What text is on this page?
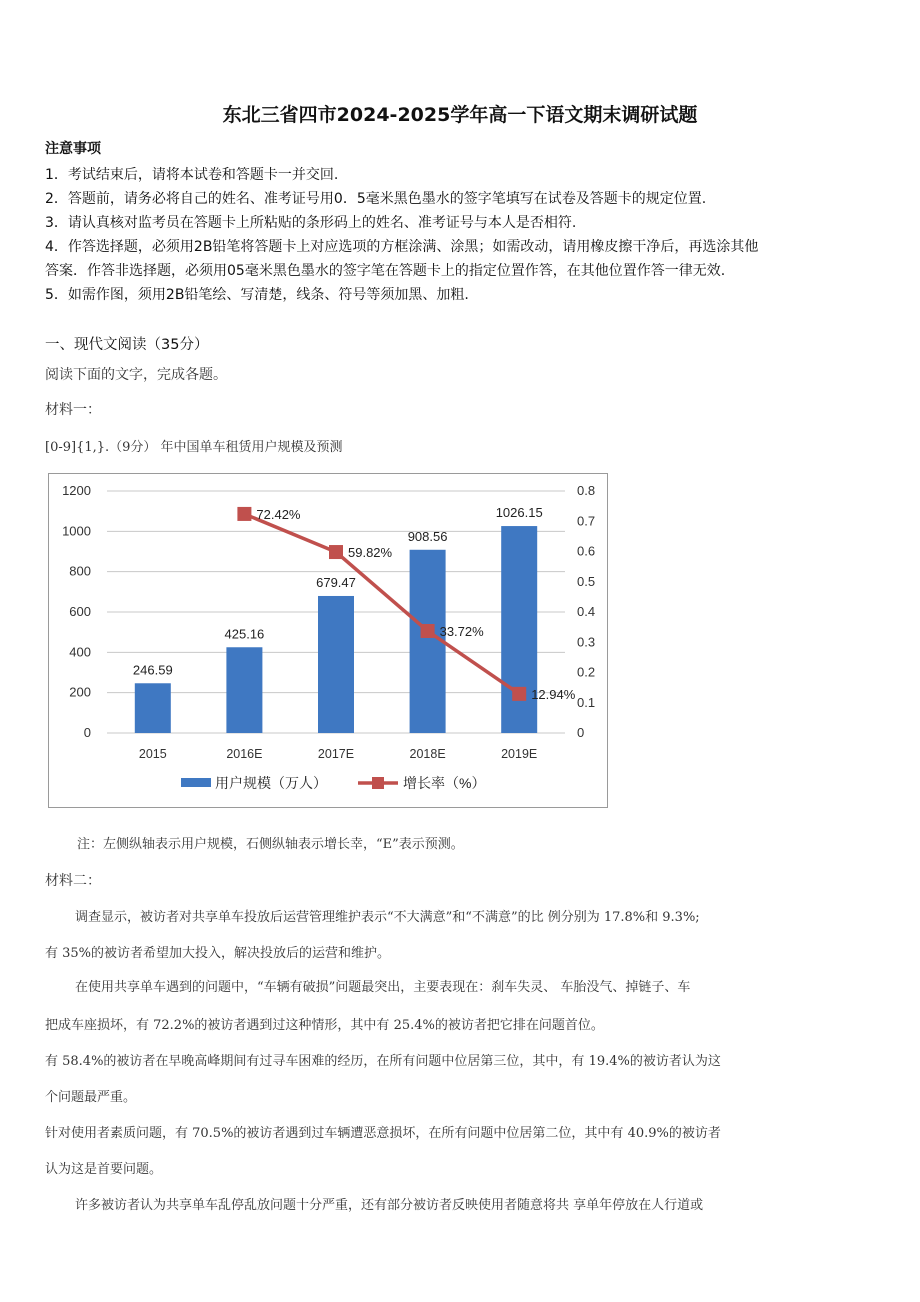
东北三省四市2024-2025学年高一下语文期末调研试题
注意事项
1．考试结束后，请将本试卷和答题卡一并交回.
2．答题前，请务必将自己的姓名、准考证号用0．5毫米黑色墨水的签字笔填写在试卷及答题卡的规定位置.
3．请认真核对监考员在答题卡上所粘贴的条形码上的姓名、准考证号与本人是否相符.
4．作答选择题，必须用2B铅笔将答题卡上对应选项的方框涂满、涂黑；如需改动，请用橡皮擦干净后，再选涂其他
答案．作答非选择题，必须用05毫米黑色墨水的签字笔在答题卡上的指定位置作答，在其他位置作答一律无效.
5．如需作图，须用2B铅笔绘、写清楚，线条、符号等须加黑、加粗.
一、现代文阅读（35分）
阅读下面的文字，完成各题。
材料一：
[0-9]{1,}.（9分） 年中国单车租赁用户规模及预测
0
200
400
600
800
1000
1200
0
0.1
0.2
0.3
0.4
0.5
0.6
0.7
0.8
246.59
2015
425.16
2016E
679.47
2017E
908.56
2018E
1026.15
2019E
72.42%
59.82%
33.72%
12.94%
用户规模（万人）	增长率（%）
注：左侧纵轴表示用户规模，石侧纵轴表示增长幸，“E”表示预测。
材料二：
调查显示，被访者对共享单车投放后运营管理维护表示“不大满意”和“不满意”的比 例分别为 17.8%和 9.3%;
有 35%的被访者希望加大投入，解决投放后的运营和维护。
在使用共享单车遇到的问题中，“车辆有破损”问题最突出，主要表现在：刹车失灵、 车胎没气、掉链子、车
把成车座损坏，有 72.2%的被访者遇到过这种情形，其中有 25.4%的被访者把它排在问题首位。
有 58.4%的被访者在早晚高峰期间有过寻车困难的经历，在所有问题中位居第三位，其中，有 19.4%的被访者认为这
个问题最严重。
针对使用者素质问题，有 70.5%的被访者遇到过车辆遭恶意损坏，在所有问题中位居第二位，其中有 40.9%的被访者
认为这是首要问题。
许多被访者认为共享单车乱停乱放问题十分严重，还有部分被访者反映使用者随意将共 享单年停放在人行道或
